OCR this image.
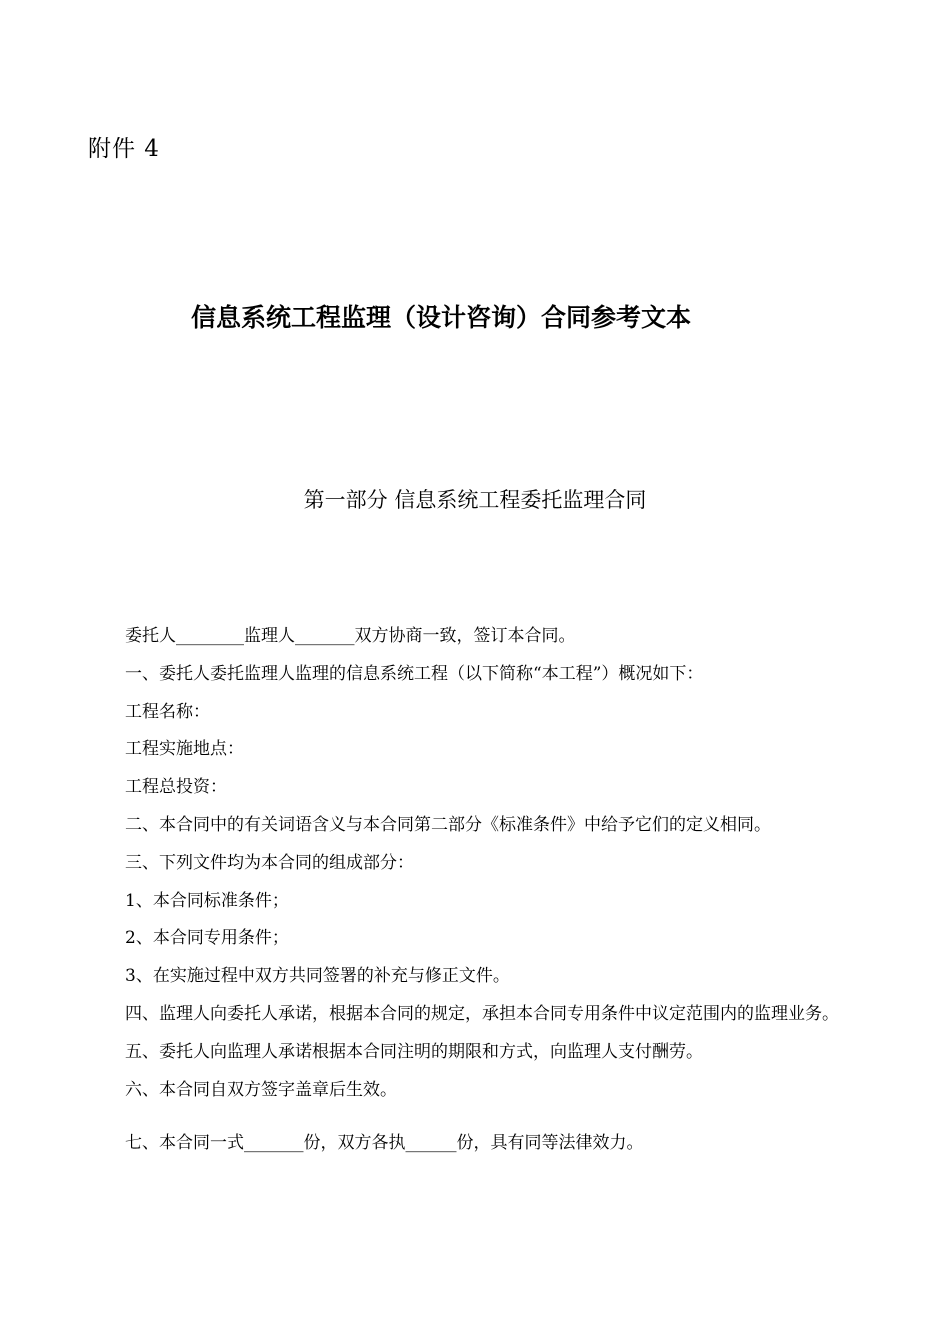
附件 4
信息系统工程监理（设计咨询）合同参考文本
第一部分 信息系统工程委托监理合同

委托人________监理人_______双方协商一致，签订本合同。

一、委托人委托监理人监理的信息系统工程（以下简称“本工程”）概况如下：

工程名称：

工程实施地点：

工程总投资：

二、本合同中的有关词语含义与本合同第二部分《标准条件》中给予它们的定义相同。

三、下列文件均为本合同的组成部分：

1、本合同标准条件；

2、本合同专用条件；

3、在实施过程中双方共同签署的补充与修正文件。

四、监理人向委托人承诺，根据本合同的规定，承担本合同专用条件中议定范围内的监理业务。

五、委托人向监理人承诺根据本合同注明的期限和方式，向监理人支付酬劳。

六、本合同自双方签字盖章后生效。

七、本合同一式_______份，双方各执______份，具有同等法律效力。
